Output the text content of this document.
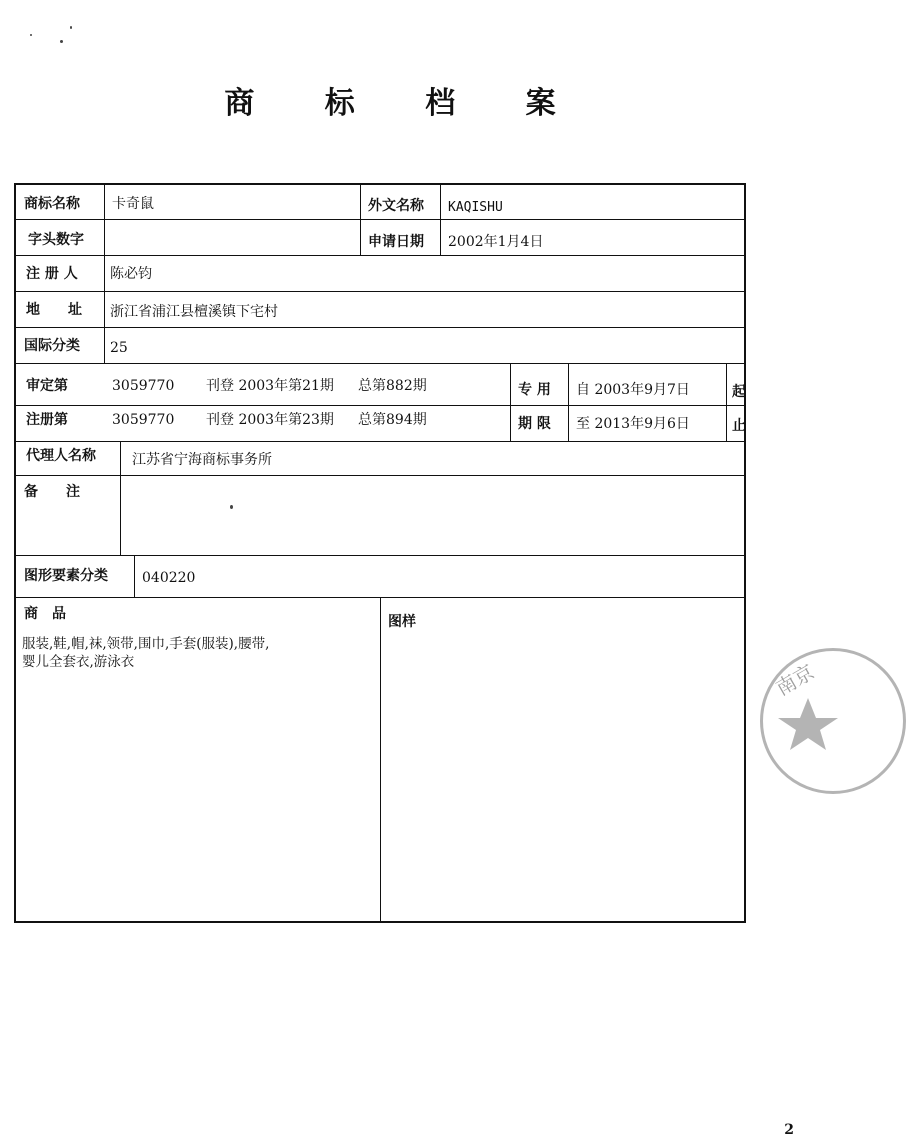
商 标 档 案
商标名称 卡奇鼠	外文名称 KAQISHU
字头数字	申请日期 2002年1月4日
注 册 人 陈必钧
地　　址 浙江省浦江县檀溪镇下宅村
国际分类 25
审定第	3059770 刊登 2003年第21期 总第882期	专 用 自 2003年9月7日	起
注册第	3059770 刊登 2003年第23期 总第894期	期 限 至 2013年9月6日	止
代理人名称	江苏省宁海商标事务所
备　　注
图形要素分类 040220
商　品
服装,鞋,帽,袜,领带,围巾,手套(服装),腰带,
婴儿全套衣,游泳衣
图样
南京
2
